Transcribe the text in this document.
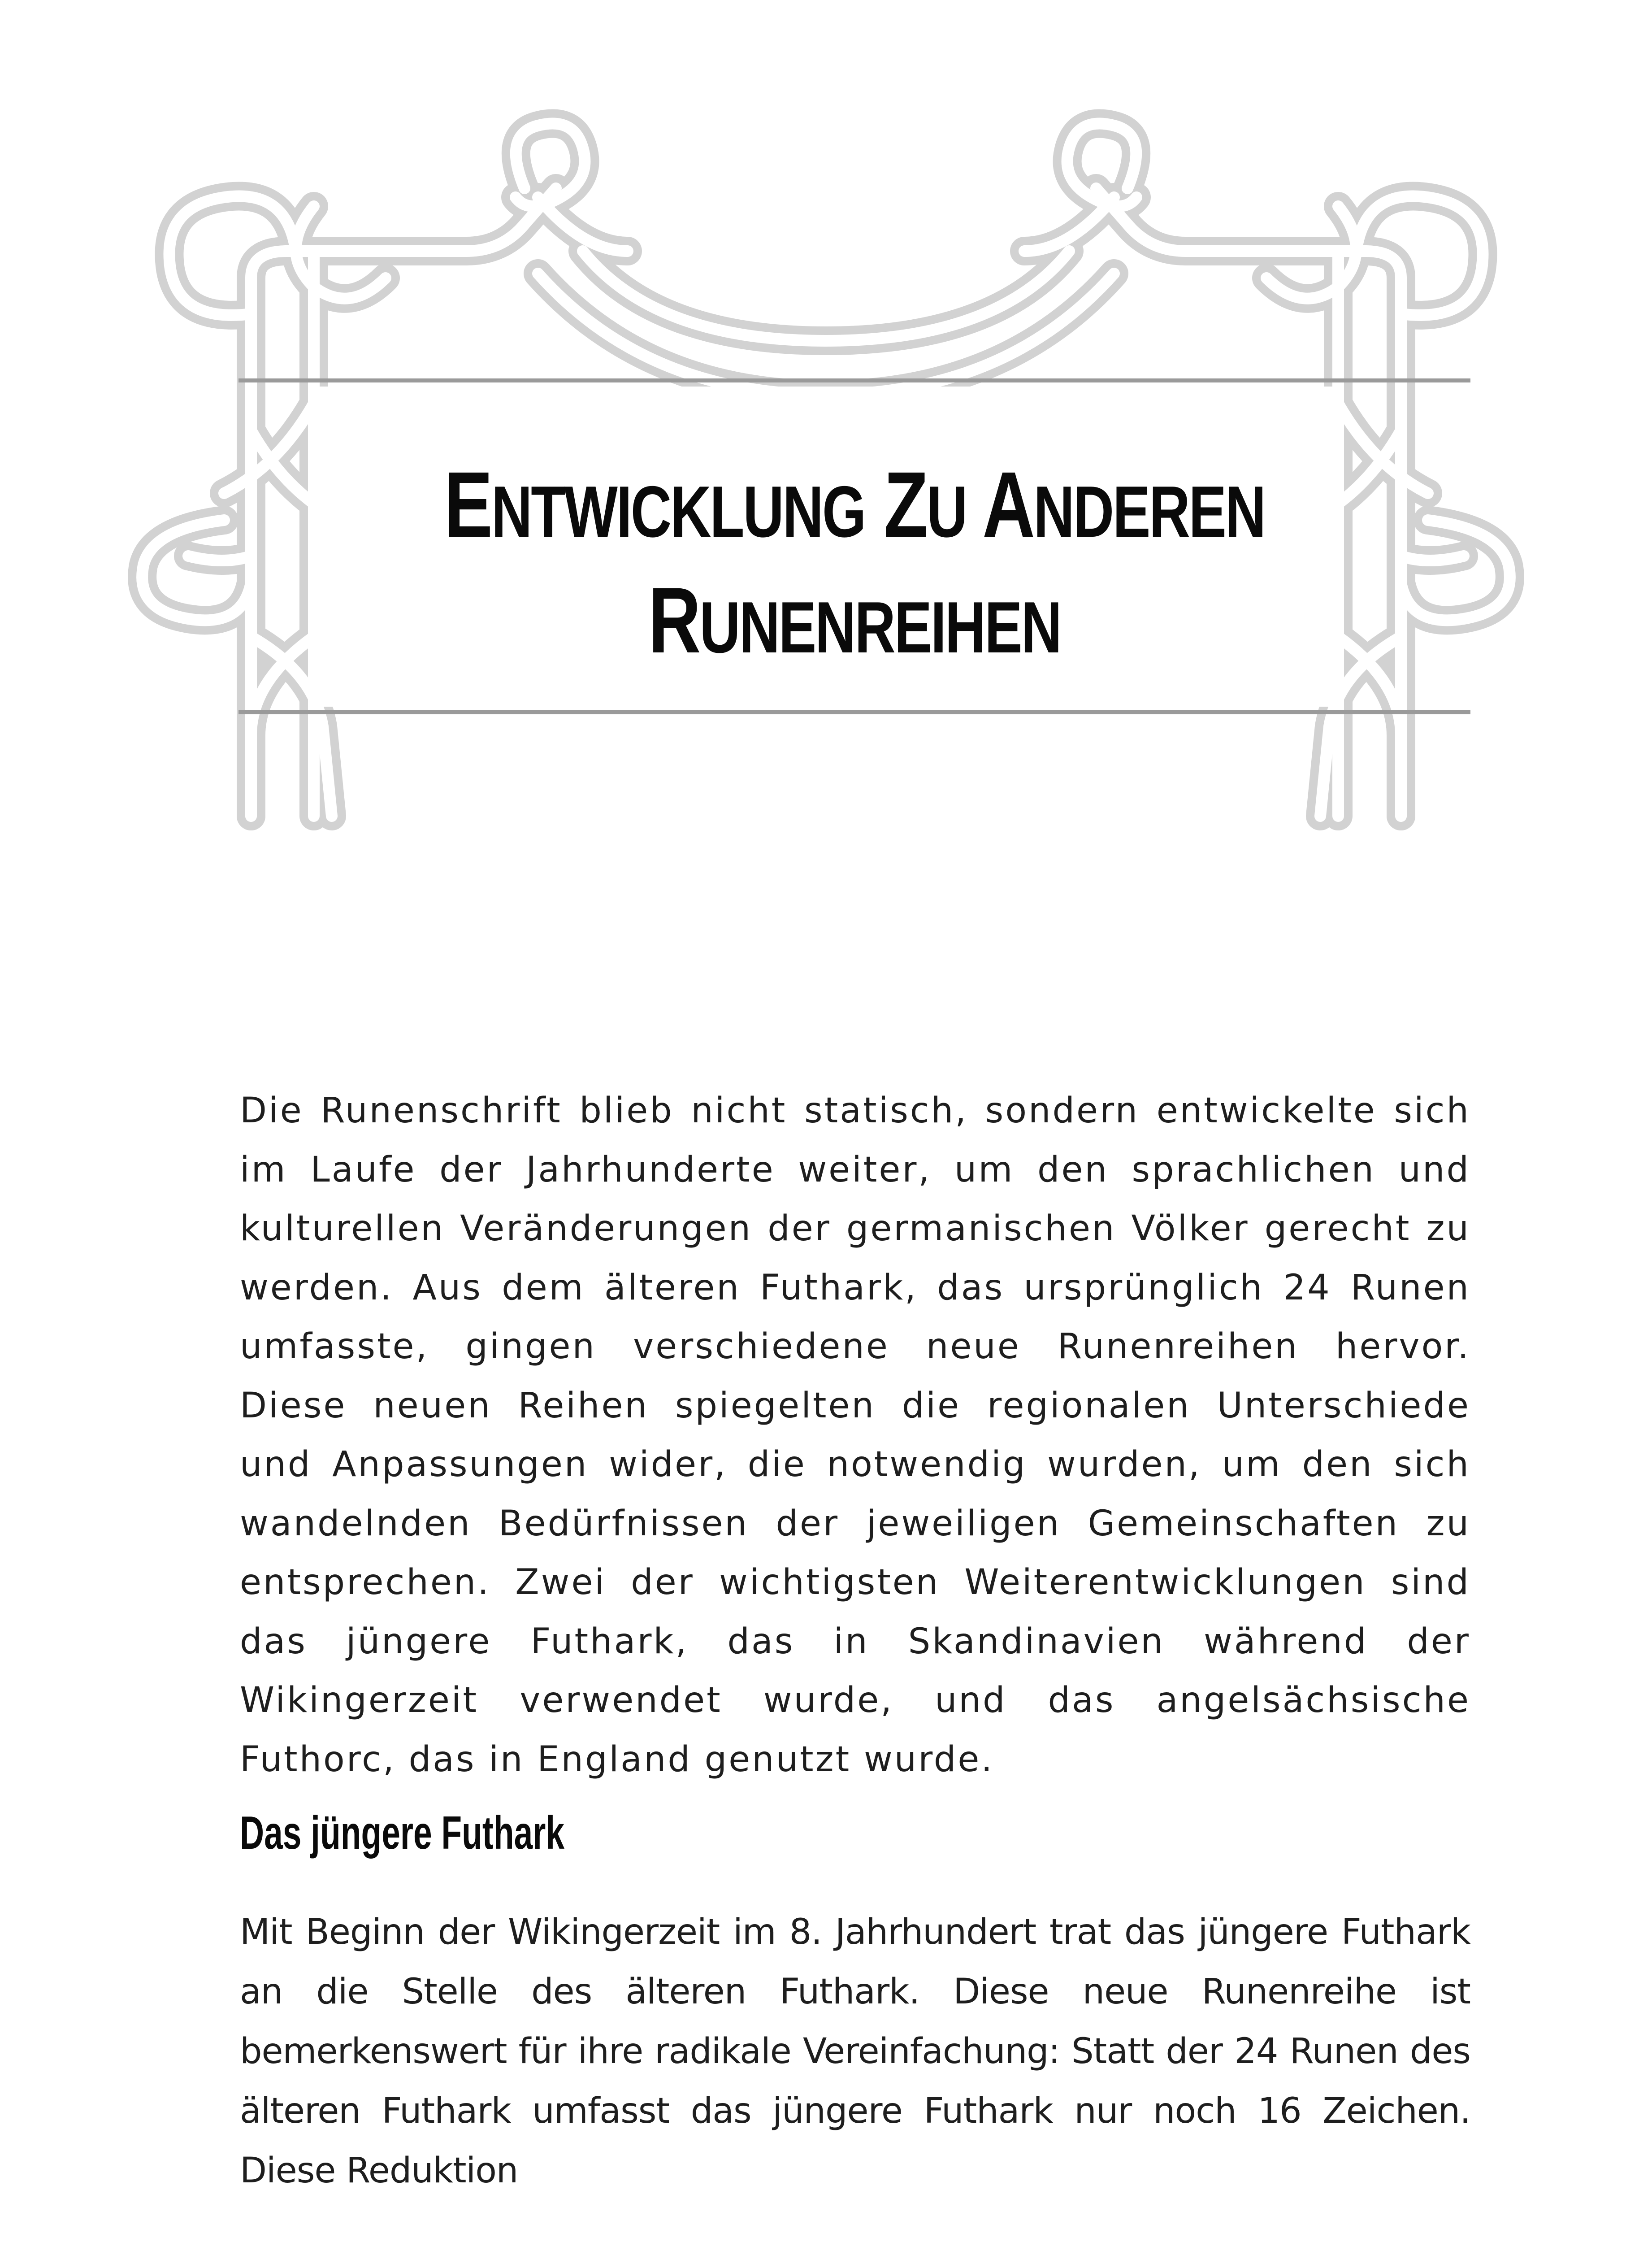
ENTWICKLUNG ZU ANDEREN
RUNENREIHEN

Die Runenschrift blieb nicht statisch, sondern entwickelte sich im Laufe der Jahrhunderte weiter, um den sprachlichen und kulturellen Veränderungen der germanischen Völker gerecht zu werden. Aus dem älteren Futhark, das ursprünglich 24 Runen umfasste, gingen verschiedene neue Runenreihen hervor. Diese neuen Reihen spiegelten die regionalen Unterschiede und Anpassungen wider, die notwendig wurden, um den sich wandelnden Bedürfnissen der jeweiligen Gemeinschaften zu entsprechen. Zwei der wichtigsten Weiterentwicklungen sind das jüngere Futhark, das in Skandinavien während der Wikingerzeit verwendet wurde, und das angelsächsische Futhorc, das in England genutzt wurde.

Das jüngere Futhark

Mit Beginn der Wikingerzeit im 8. Jahrhundert trat das jüngere Futhark an die Stelle des älteren Futhark. Diese neue Runenreihe ist bemerkenswert für ihre radikale Vereinfachung: Statt der 24 Runen des älteren Futhark umfasst das jüngere Futhark nur noch 16 Zeichen. Diese Reduktion
